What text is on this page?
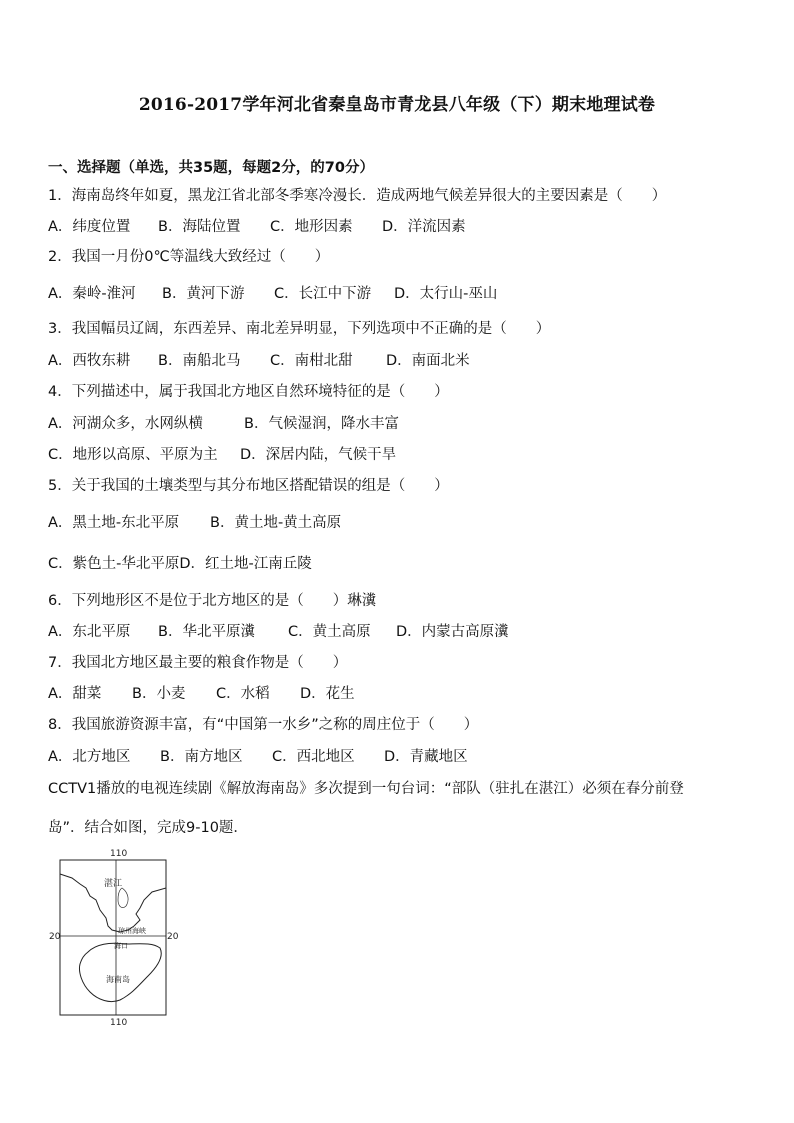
2016-2017学年河北省秦皇岛市青龙县八年级（下）期末地理试卷
一、选择题（单选，共35题，每题2分，的70分）
1．海南岛终年如夏，黑龙江省北部冬季寒冷漫长．造成两地气候差异很大的主要因素是（　　）
A．纬度位置 B．海陆位置 C．地形因素 D．洋流因素
2．我国一月份0℃等温线大致经过（　　）
A．秦岭-淮河 B．黄河下游 C．长江中下游 D．太行山-巫山
3．我国幅员辽阔，东西差异、南北差异明显，下列选项中不正确的是（　　）
A．西牧东耕 B．南船北马 C．南柑北甜 D．南面北米
4．下列描述中，属于我国北方地区自然环境特征的是（　　）
A．河湖众多，水网纵横	B．气候湿润，降水丰富
C．地形以高原、平原为主 D．深居内陆，气候干旱
5．关于我国的土壤类型与其分布地区搭配错误的组是（　　）
A．黑土地-东北平原 B．黄土地-黄土高原
C．紫色土-华北平原D．红土地-江南丘陵
6．下列地形区不是位于北方地区的是（　　）琳瀵
A．东北平原 B．华北平原瀵 C．黄土高原 D．内蒙古高原瀵
7．我国北方地区最主要的粮食作物是（　　）
A．甜菜 B．小麦 C．水稻 D．花生
8．我国旅游资源丰富，有“中国第一水乡”之称的周庄位于（　　）
A．北方地区 B．南方地区 C．西北地区 D．青藏地区
CCTV1播放的电视连续剧《解放海南岛》多次提到一句台词：“部队（驻扎在湛江）必须在春分前登
岛”．结合如图，完成9-10题．
110
湛江
琼州海峡
海口
海南岛
20	20
110
